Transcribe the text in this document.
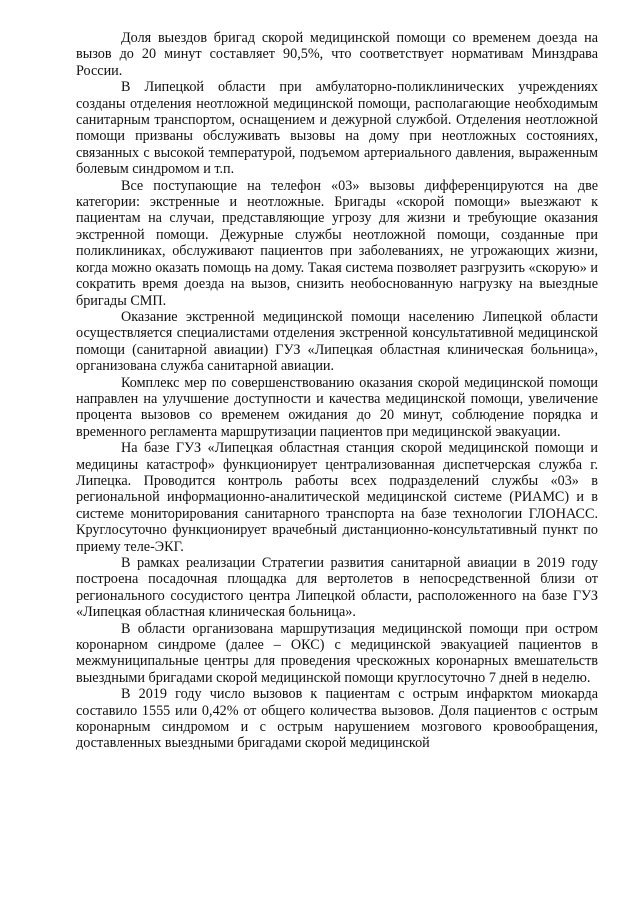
Доля выездов бригад скорой медицинской помощи со временем доезда на вызов до 20 минут составляет 90,5%, что соответствует нормативам Минздрава России.

В Липецкой области при амбулаторно-поликлинических учреждениях созданы отделения неотложной медицинской помощи, располагающие необходимым санитарным транспортом, оснащением и дежурной службой. Отделения неотложной помощи призваны обслуживать вызовы на дому при неотложных состояниях, связанных с высокой температурой, подъемом артериального давления, выраженным болевым синдромом и т.п.

Все поступающие на телефон «03» вызовы дифференцируются на две категории: экстренные и неотложные. Бригады «скорой помощи» выезжают к пациентам на случаи, представляющие угрозу для жизни и требующие оказания экстренной помощи. Дежурные службы неотложной помощи, созданные при поликлиниках, обслуживают пациентов при заболеваниях, не угрожающих жизни, когда можно оказать помощь на дому. Такая система позволяет разгрузить «скорую» и сократить время доезда на вызов, снизить необоснованную нагрузку на выездные бригады СМП.

Оказание экстренной медицинской помощи населению Липецкой области осуществляется специалистами отделения экстренной консультативной медицинской помощи (санитарной авиации) ГУЗ «Липецкая областная клиническая больница», организована служба санитарной авиации.

Комплекс мер по совершенствованию оказания скорой медицинской помощи направлен на улучшение доступности и качества медицинской помощи, увеличение процента вызовов со временем ожидания до 20 минут, соблюдение порядка и временного регламента маршрутизации пациентов при медицинской эвакуации.

На базе ГУЗ «Липецкая областная станция скорой медицинской помощи и медицины катастроф» функционирует централизованная диспетчерская служба г. Липецка. Проводится контроль работы всех подразделений службы «03» в региональной информационно-аналитической медицинской системе (РИАМС) и в системе мониторирования санитарного транспорта на базе технологии ГЛОНАСС. Круглосуточно функционирует врачебный дистанционно-консультативный пункт по приему теле-ЭКГ.

В рамках реализации Стратегии развития санитарной авиации в 2019 году построена посадочная площадка для вертолетов в непосредственной близи от регионального сосудистого центра Липецкой области, расположенного на базе ГУЗ «Липецкая областная клиническая больница».

В области организована маршрутизация медицинской помощи при остром коронарном синдроме (далее – ОКС) с медицинской эвакуацией пациентов в межмуниципальные центры для проведения чрескожных коронарных вмешательств выездными бригадами скорой медицинской помощи круглосуточно 7 дней в неделю.

В 2019 году число вызовов к пациентам с острым инфарктом миокарда составило 1555 или 0,42% от общего количества вызовов. Доля пациентов с острым коронарным синдромом и с острым нарушением мозгового кровообращения, доставленных выездными бригадами скорой медицинской
